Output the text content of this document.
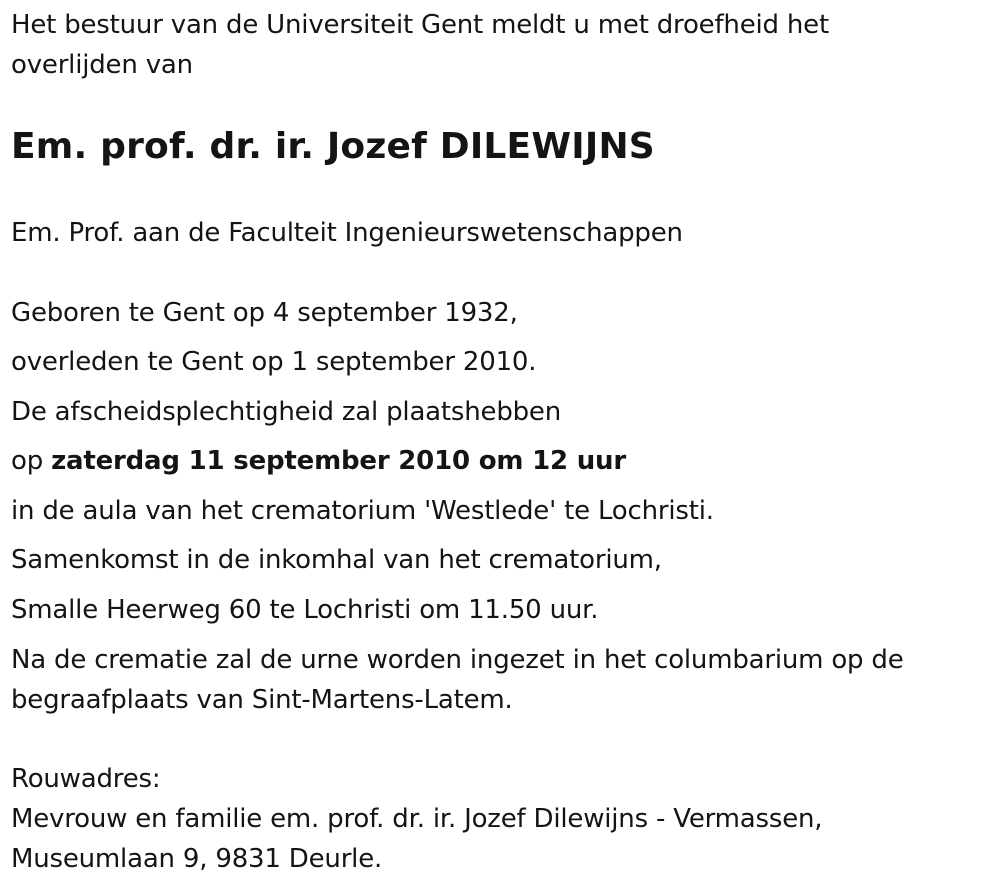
Het bestuur van de Universiteit Gent meldt u met droefheid het

overlijden van

Em. prof. dr. ir. Jozef DILEWIJNS

Em. Prof. aan de Faculteit Ingenieurswetenschappen

Geboren te Gent op 4 september 1932,

overleden te Gent op 1 september 2010.

De afscheidsplechtigheid zal plaatshebben

op zaterdag 11 september 2010 om 12 uur

in de aula van het crematorium 'Westlede' te Lochristi.

Samenkomst in de inkomhal van het crematorium,

Smalle Heerweg 60 te Lochristi om 11.50 uur.

Na de crematie zal de urne worden ingezet in het columbarium op de

begraafplaats van Sint-Martens-Latem.

Rouwadres:

Mevrouw en familie em. prof. dr. ir. Jozef Dilewijns - Vermassen,

Museumlaan 9, 9831 Deurle.
